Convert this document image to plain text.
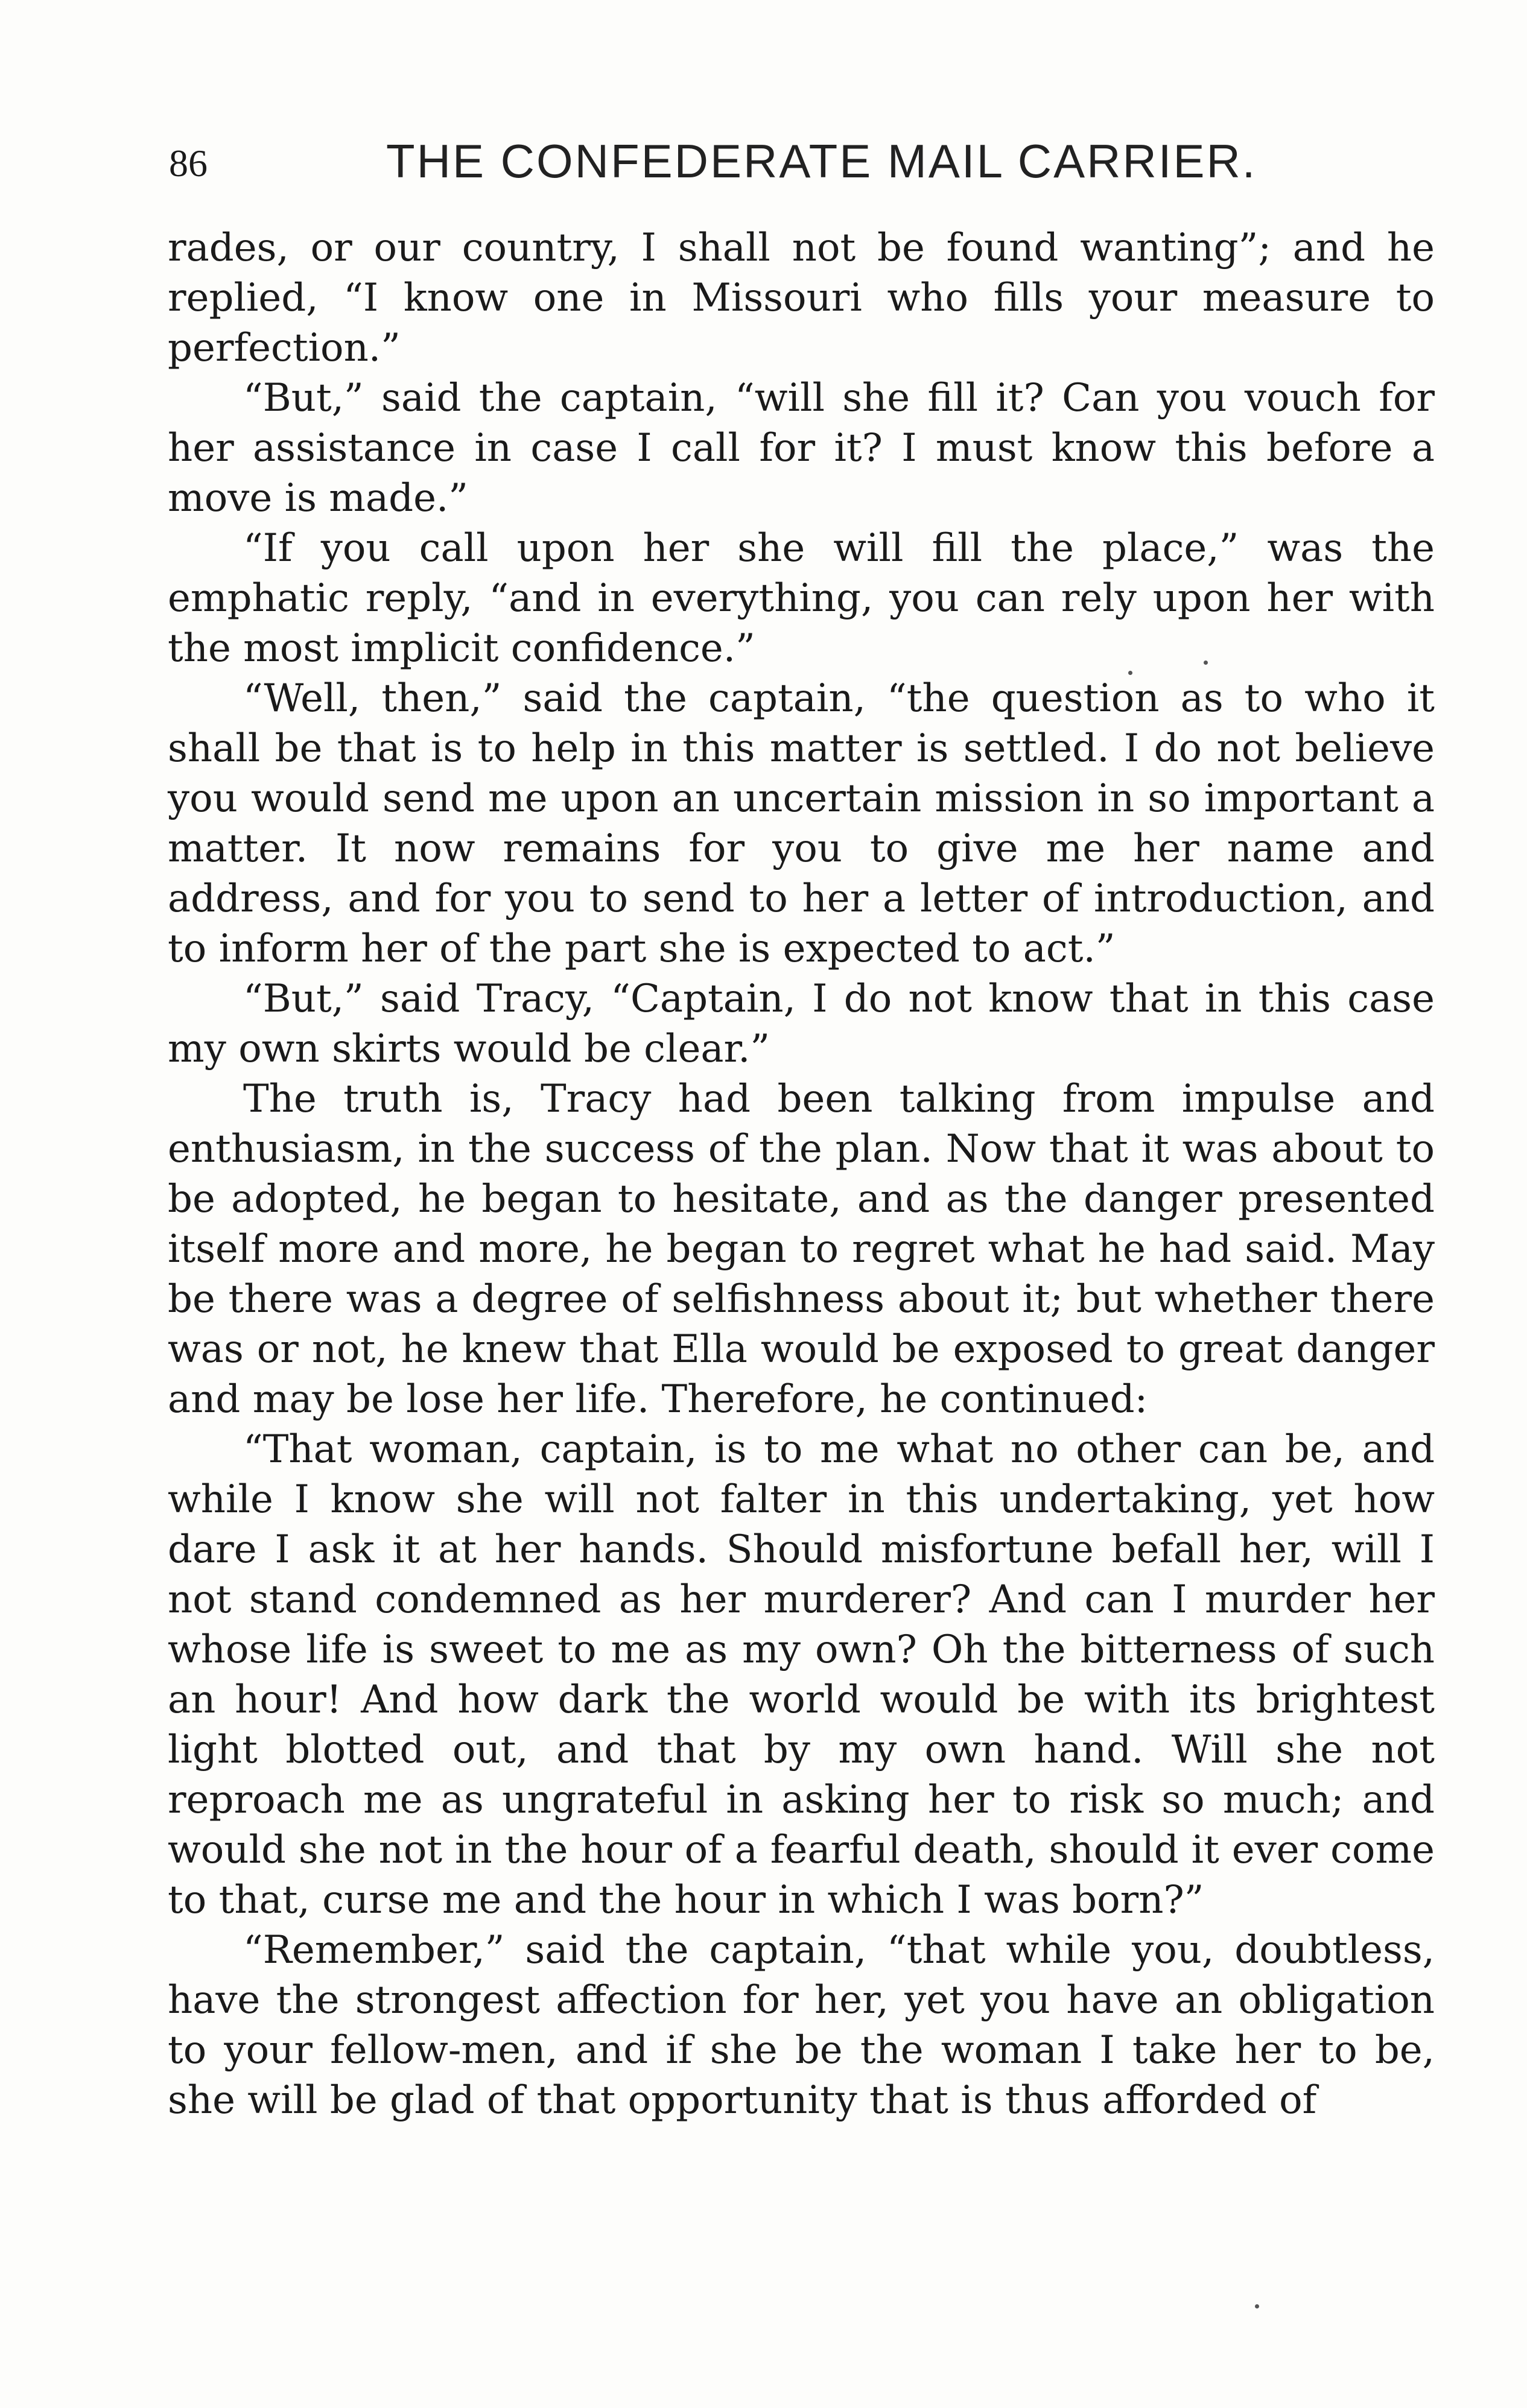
86	THE CONFEDERATE MAIL CARRIER.

rades, or our country, I shall not be found wanting”; and he replied, “I know one in Missouri who fills your measure to perfection.”

“But,” said the captain, “will she fill it? Can you vouch for her assistance in case I call for it? I must know this before a move is made.”

“If you call upon her she will fill the place,” was the emphatic reply, “and in everything, you can rely upon her with the most implicit confidence.”

“Well, then,” said the captain, “the question as to who it shall be that is to help in this matter is settled. I do not believe you would send me upon an uncertain mission in so important a matter. It now remains for you to give me her name and address, and for you to send to her a letter of introduction, and to inform her of the part she is expected to act.”

“But,” said Tracy, “Captain, I do not know that in this case my own skirts would be clear.”

The truth is, Tracy had been talking from impulse and enthusiasm, in the success of the plan. Now that it was about to be adopted, he began to hesitate, and as the danger presented itself more and more, he began to regret what he had said. May be there was a degree of selfishness about it; but whether there was or not, he knew that Ella would be exposed to great danger and may be lose her life. Therefore, he continued:

“That woman, captain, is to me what no other can be, and while I know she will not falter in this undertaking, yet how dare I ask it at her hands. Should misfortune befall her, will I not stand condemned as her murderer? And can I murder her whose life is sweet to me as my own? Oh the bitterness of such an hour! And how dark the world would be with its brightest light blotted out, and that by my own hand. Will she not reproach me as ungrateful in asking her to risk so much; and would she not in the hour of a fearful death, should it ever come to that, curse me and the hour in which I was born?”

“Remember,” said the captain, “that while you, doubtless, have the strongest affection for her, yet you have an obligation to your fellow-men, and if she be the woman I take her to be, she will be glad of that opportunity that is thus afforded of
